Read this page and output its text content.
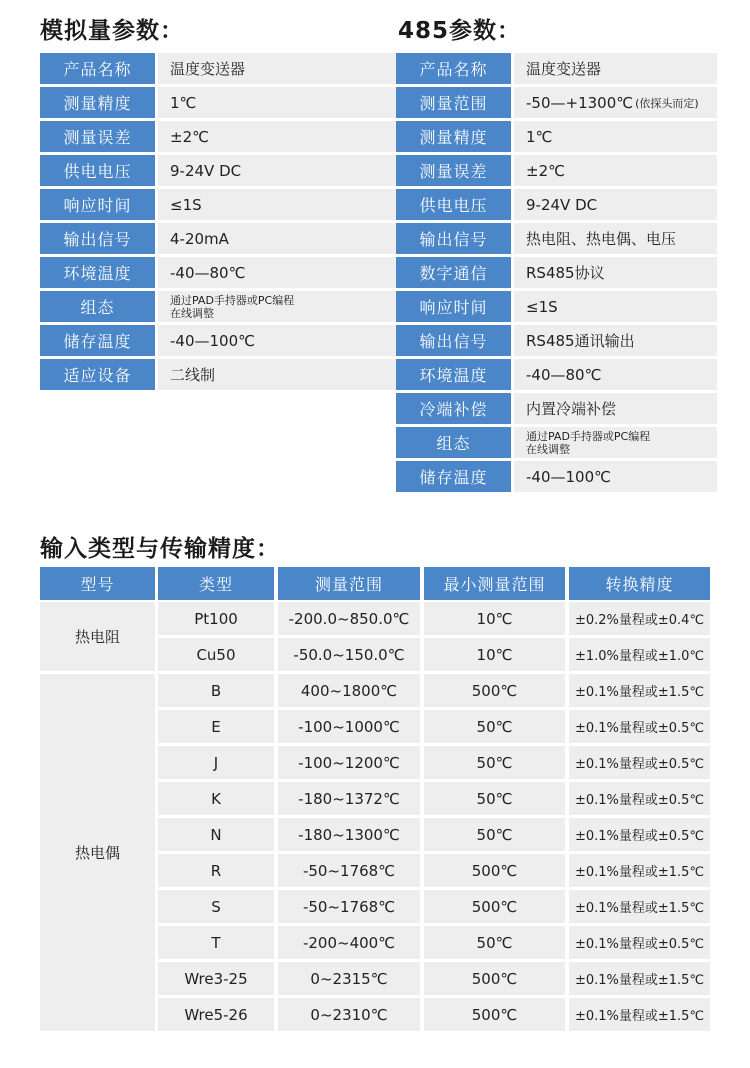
模拟量参数：	485参数：
产品名称	温度变送器
测量精度	1℃
测量误差	±2℃
供电电压	9-24V DC
响应时间	≤1S
输出信号	4-20mA
环境温度	-40—80℃
组态	通过PAD手持器或PC编程
在线调整
储存温度	-40—100℃
适应设备	二线制
产品名称	温度变送器
测量范围	-50—+1300℃ (依探头而定)
测量精度	1℃
测量误差	±2℃
供电电压	9-24V DC
输出信号	热电阻、热电偶、电压
数字通信	RS485协议
响应时间	≤1S
输出信号	RS485通讯输出
环境温度	-40—80℃
冷端补偿	内置冷端补偿
组态	通过PAD手持器或PC编程
在线调整
储存温度	-40—100℃
输入类型与传输精度：
型号	类型	测量范围	最小测量范围	转换精度
热电阻
Pt100	-200.0~850.0℃	10℃	±0.2%量程或±0.4℃
Cu50	-50.0~150.0℃	10℃	±1.0%量程或±1.0℃
热电偶
B	400~1800℃	500℃	±0.1%量程或±1.5℃
E	-100~1000℃	50℃	±0.1%量程或±0.5℃
J	-100~1200℃	50℃	±0.1%量程或±0.5℃
K	-180~1372℃	50℃	±0.1%量程或±0.5℃
N	-180~1300℃	50℃	±0.1%量程或±0.5℃
R	-50~1768℃	500℃	±0.1%量程或±1.5℃
S	-50~1768℃	500℃	±0.1%量程或±1.5℃
T	-200~400℃	50℃	±0.1%量程或±0.5℃
Wre3-25	0~2315℃	500℃	±0.1%量程或±1.5℃
Wre5-26	0~2310℃	500℃	±0.1%量程或±1.5℃
